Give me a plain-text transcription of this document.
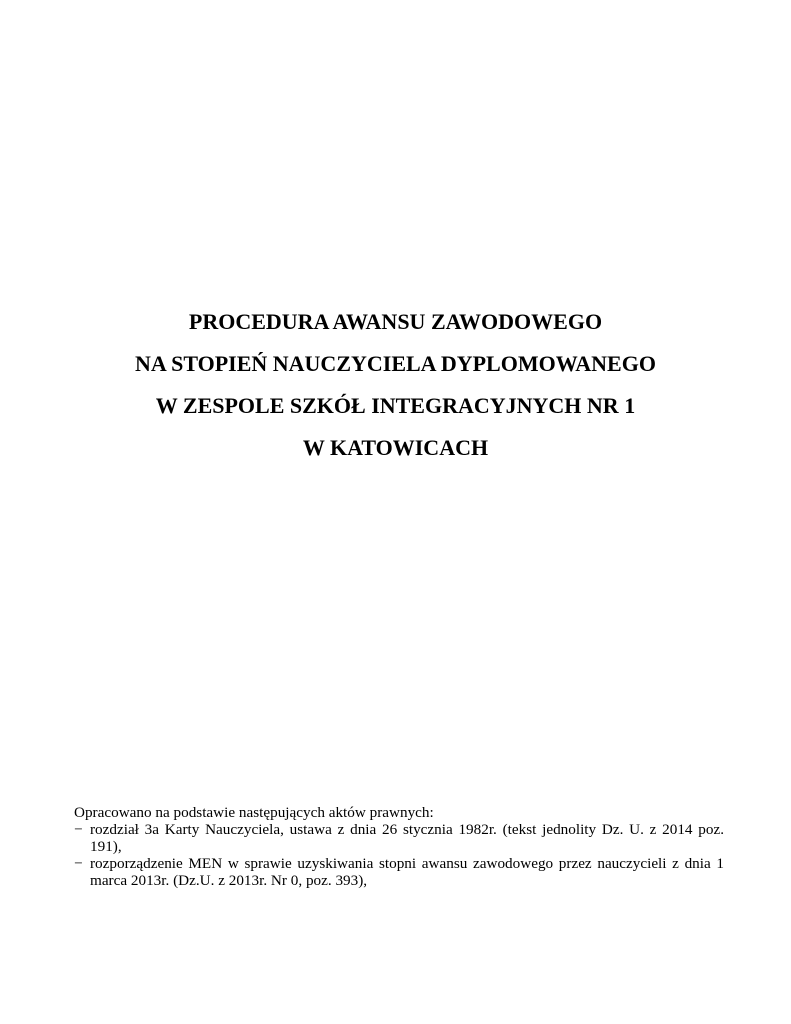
PROCEDURA AWANSU ZAWODOWEGO

NA STOPIEŃ NAUCZYCIELA DYPLOMOWANEGO

W ZESPOLE SZKÓŁ INTEGRACYJNYCH NR 1

W KATOWICACH

Opracowano na podstawie następujących aktów prawnych:

− rozdział 3a Karty Nauczyciela, ustawa z dnia 26 stycznia 1982r. (tekst jednolity Dz. U. z 2014 poz. 191),
− rozporządzenie MEN w sprawie uzyskiwania stopni awansu zawodowego przez nauczycieli z dnia 1 marca 2013r. (Dz.U. z 2013r. Nr 0, poz. 393),
